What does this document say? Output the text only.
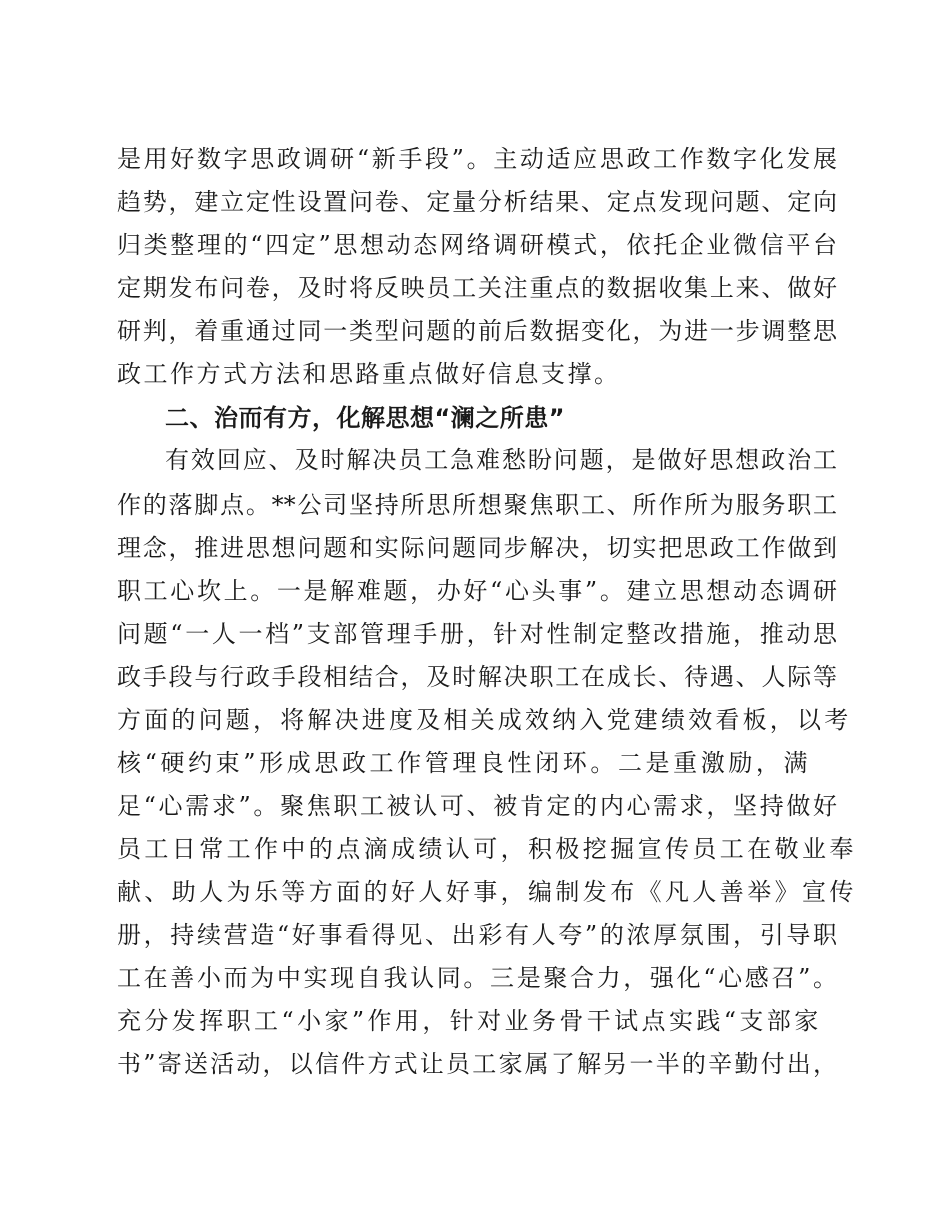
是用好数字思政调研“新手段”。主动适应思政工作数字化发展
趋势，建立定性设置问卷、定量分析结果、定点发现问题、定向
归类整理的“四定”思想动态网络调研模式，依托企业微信平台
定期发布问卷，及时将反映员工关注重点的数据收集上来、做好
研判，着重通过同一类型问题的前后数据变化，为进一步调整思
政工作方式方法和思路重点做好信息支撑。
二、治而有方，化解思想“澜之所患”
有效回应、及时解决员工急难愁盼问题，是做好思想政治工
作的落脚点。**公司坚持所思所想聚焦职工、所作所为服务职工
理念，推进思想问题和实际问题同步解决，切实把思政工作做到
职工心坎上。一是解难题，办好“心头事”。建立思想动态调研
问题“一人一档”支部管理手册，针对性制定整改措施，推动思
政手段与行政手段相结合，及时解决职工在成长、待遇、人际等
方面的问题，将解决进度及相关成效纳入党建绩效看板，以考
核“硬约束”形成思政工作管理良性闭环。二是重激励，满
足“心需求”。聚焦职工被认可、被肯定的内心需求，坚持做好
员工日常工作中的点滴成绩认可，积极挖掘宣传员工在敬业奉
献、助人为乐等方面的好人好事，编制发布《凡人善举》宣传
册，持续营造“好事看得见、出彩有人夸”的浓厚氛围，引导职
工在善小而为中实现自我认同。三是聚合力，强化“心感召”。
充分发挥职工“小家”作用，针对业务骨干试点实践“支部家
书”寄送活动，以信件方式让员工家属了解另一半的辛勤付出，
